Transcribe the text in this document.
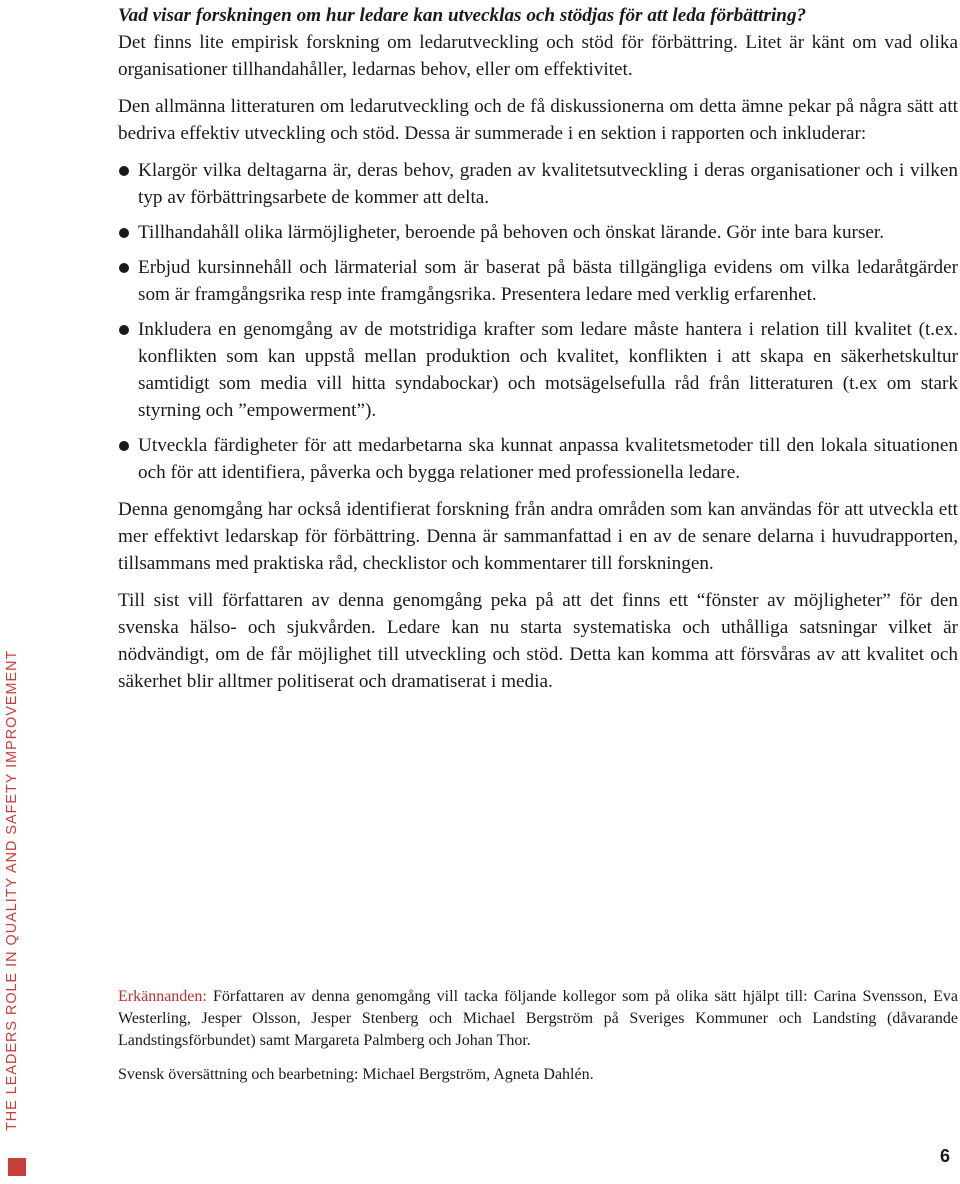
Vad visar forskningen om hur ledare kan utvecklas och stödjas för att leda förbättring?

Det finns lite empirisk forskning om ledarutveckling och stöd för förbättring. Litet är känt om vad olika organisationer tillhandahåller, ledarnas behov, eller om effektivitet.

Den allmänna litteraturen om ledarutveckling och de få diskussionerna om detta ämne pekar på några sätt att bedriva effektiv utveckling och stöd. Dessa är summerade i en sektion i rapporten och inkluderar:

Klargör vilka deltagarna är, deras behov, graden av kvalitetsutveckling i deras organisationer och i vilken typ av förbättringsarbete de kommer att delta.
Tillhandahåll olika lärmöjligheter, beroende på behoven och önskat lärande. Gör inte bara kurser.
Erbjud kursinnehåll och lärmaterial som är baserat på bästa tillgängliga evidens om vilka ledaråtgärder som är framgångsrika resp inte framgångsrika. Presentera ledare med verklig erfarenhet.
Inkludera en genomgång av de motstridiga krafter som ledare måste hantera i relation till kvalitet (t.ex. konflikten som kan uppstå mellan produktion och kvalitet, konflikten i att skapa en säkerhetskultur samtidigt som media vill hitta syndabockar) och motsägelsefulla råd från litteraturen (t.ex om stark styrning och ”empowerment”).
Utveckla färdigheter för att medarbetarna ska kunnat anpassa kvalitetsmetoder till den lokala situationen och för att identifiera, påverka och bygga relationer med professionella ledare.

Denna genomgång har också identifierat forskning från andra områden som kan användas för att utveckla ett mer effektivt ledarskap för förbättring. Denna är sammanfattad i en av de senare delarna i huvudrapporten, tillsammans med praktiska råd, checklistor och kommentarer till forskningen.

Till sist vill författaren av denna genomgång peka på att det finns ett “fönster av möjligheter” för den svenska hälso- och sjukvården. Ledare kan nu starta systematiska och uthålliga satsningar vilket är nödvändigt, om de får möjlighet till utveckling och stöd. Detta kan komma att försvåras av att kvalitet och säkerhet blir alltmer politiserat och dramatiserat i media.

Erkännanden: Författaren av denna genomgång vill tacka följande kollegor som på olika sätt hjälpt till: Carina Svensson, Eva Westerling, Jesper Olsson, Jesper Stenberg och Michael Bergström på Sveriges Kommuner och Landsting (dåvarande Landstingsförbundet) samt Margareta Palmberg och Johan Thor.

Svensk översättning och bearbetning: Michael Bergström, Agneta Dahlén.

THE LEADERS ROLE IN QUALITY AND SAFETY IMPROVEMENT
6
